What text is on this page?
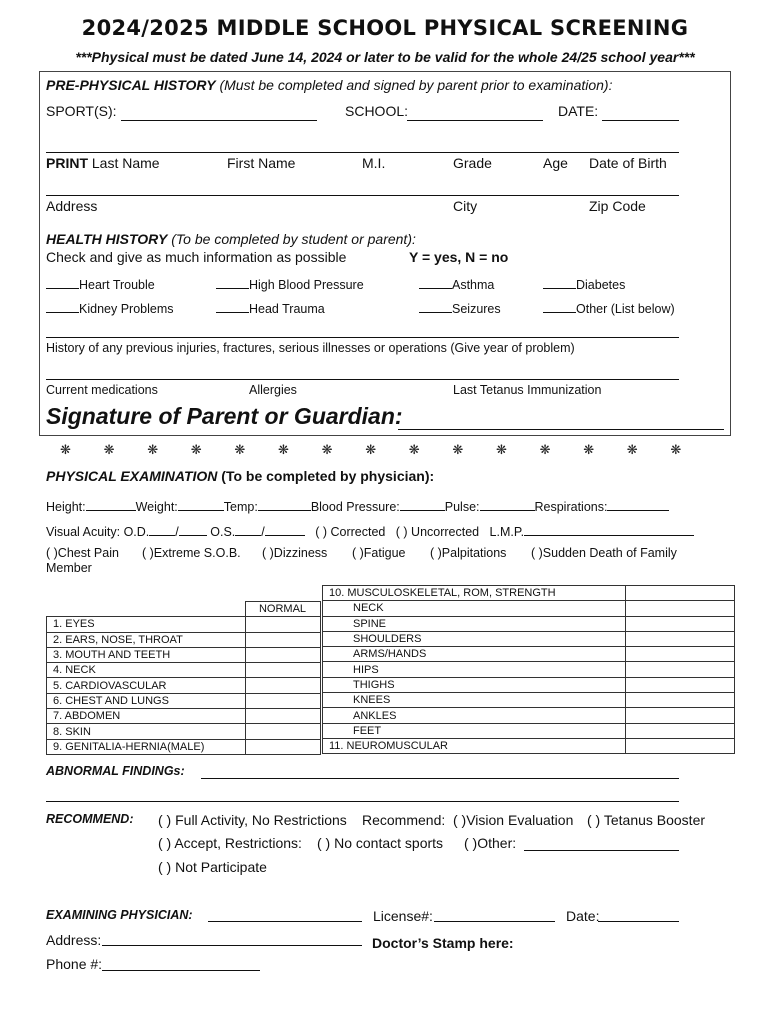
2024/2025 MIDDLE SCHOOL PHYSICAL SCREENING
***Physical must be dated June 14, 2024 or later to be valid for the whole 24/25 school year***
PRE-PHYSICAL HISTORY (Must be completed and signed by parent prior to examination):
SPORT(S):	SCHOOL:	DATE:
PRINT Last Name	First Name	M.I.	Grade	Age Date of Birth
Address	City	Zip Code
HEALTH HISTORY (To be completed by student or parent):
Check and give as much information as possible	Y = yes, N = no
Heart Trouble	High Blood Pressure	Asthma	Diabetes
Kidney Problems	Head Trauma	Seizures	Other (List below)
History of any previous injuries, fractures, serious illnesses or operations (Give year of problem)
Current medications	Allergies	Last Tetanus Immunization
Signature of Parent or Guardian:
❋	❋	❋	❋	❋	❋	❋	❋	❋	❋	❋	❋	❋	❋	❋
PHYSICAL EXAMINATION (To be completed by physician):
Height:	Weight:	Temp:	Blood Pressure:	Pulse:	Respirations:
Visual Acuity: O.D. /	O.S. /	( ) Corrected ( ) Uncorrected L.M.P.
( )Chest Pain ( )Extreme S.O.B. ( )Dizziness ( )Fatigue ( )Palpitations ( )Sudden Death of Family
Member
	NORMAL	
1. EYES		
2. EARS, NOSE, THROAT		
3. MOUTH AND TEETH		
4. NECK		
5. CARDIOVASCULAR		
6. CHEST AND LUNGS		
7. ABDOMEN		
8. SKIN		
9. GENITALIA-HERNIA(MALE)		
10. MUSCULOSKELETAL, ROM, STRENGTH	
NECK	
SPINE	
SHOULDERS	
ARMS/HANDS	
HIPS	
THIGHS	
KNEES	
ANKLES	
FEET	
11. NEUROMUSCULAR	
ABNORMAL FINDINGs:
RECOMMEND: ( ) Full Activity, No Restrictions Recommend: ( )Vision Evaluation ( ) Tetanus Booster
( ) Accept, Restrictions: ( ) No contact sports ( )Other:
( ) Not Participate
EXAMINING PHYSICIAN:	License#:	Date:
Address:	Doctor’s Stamp here:
Phone #:
